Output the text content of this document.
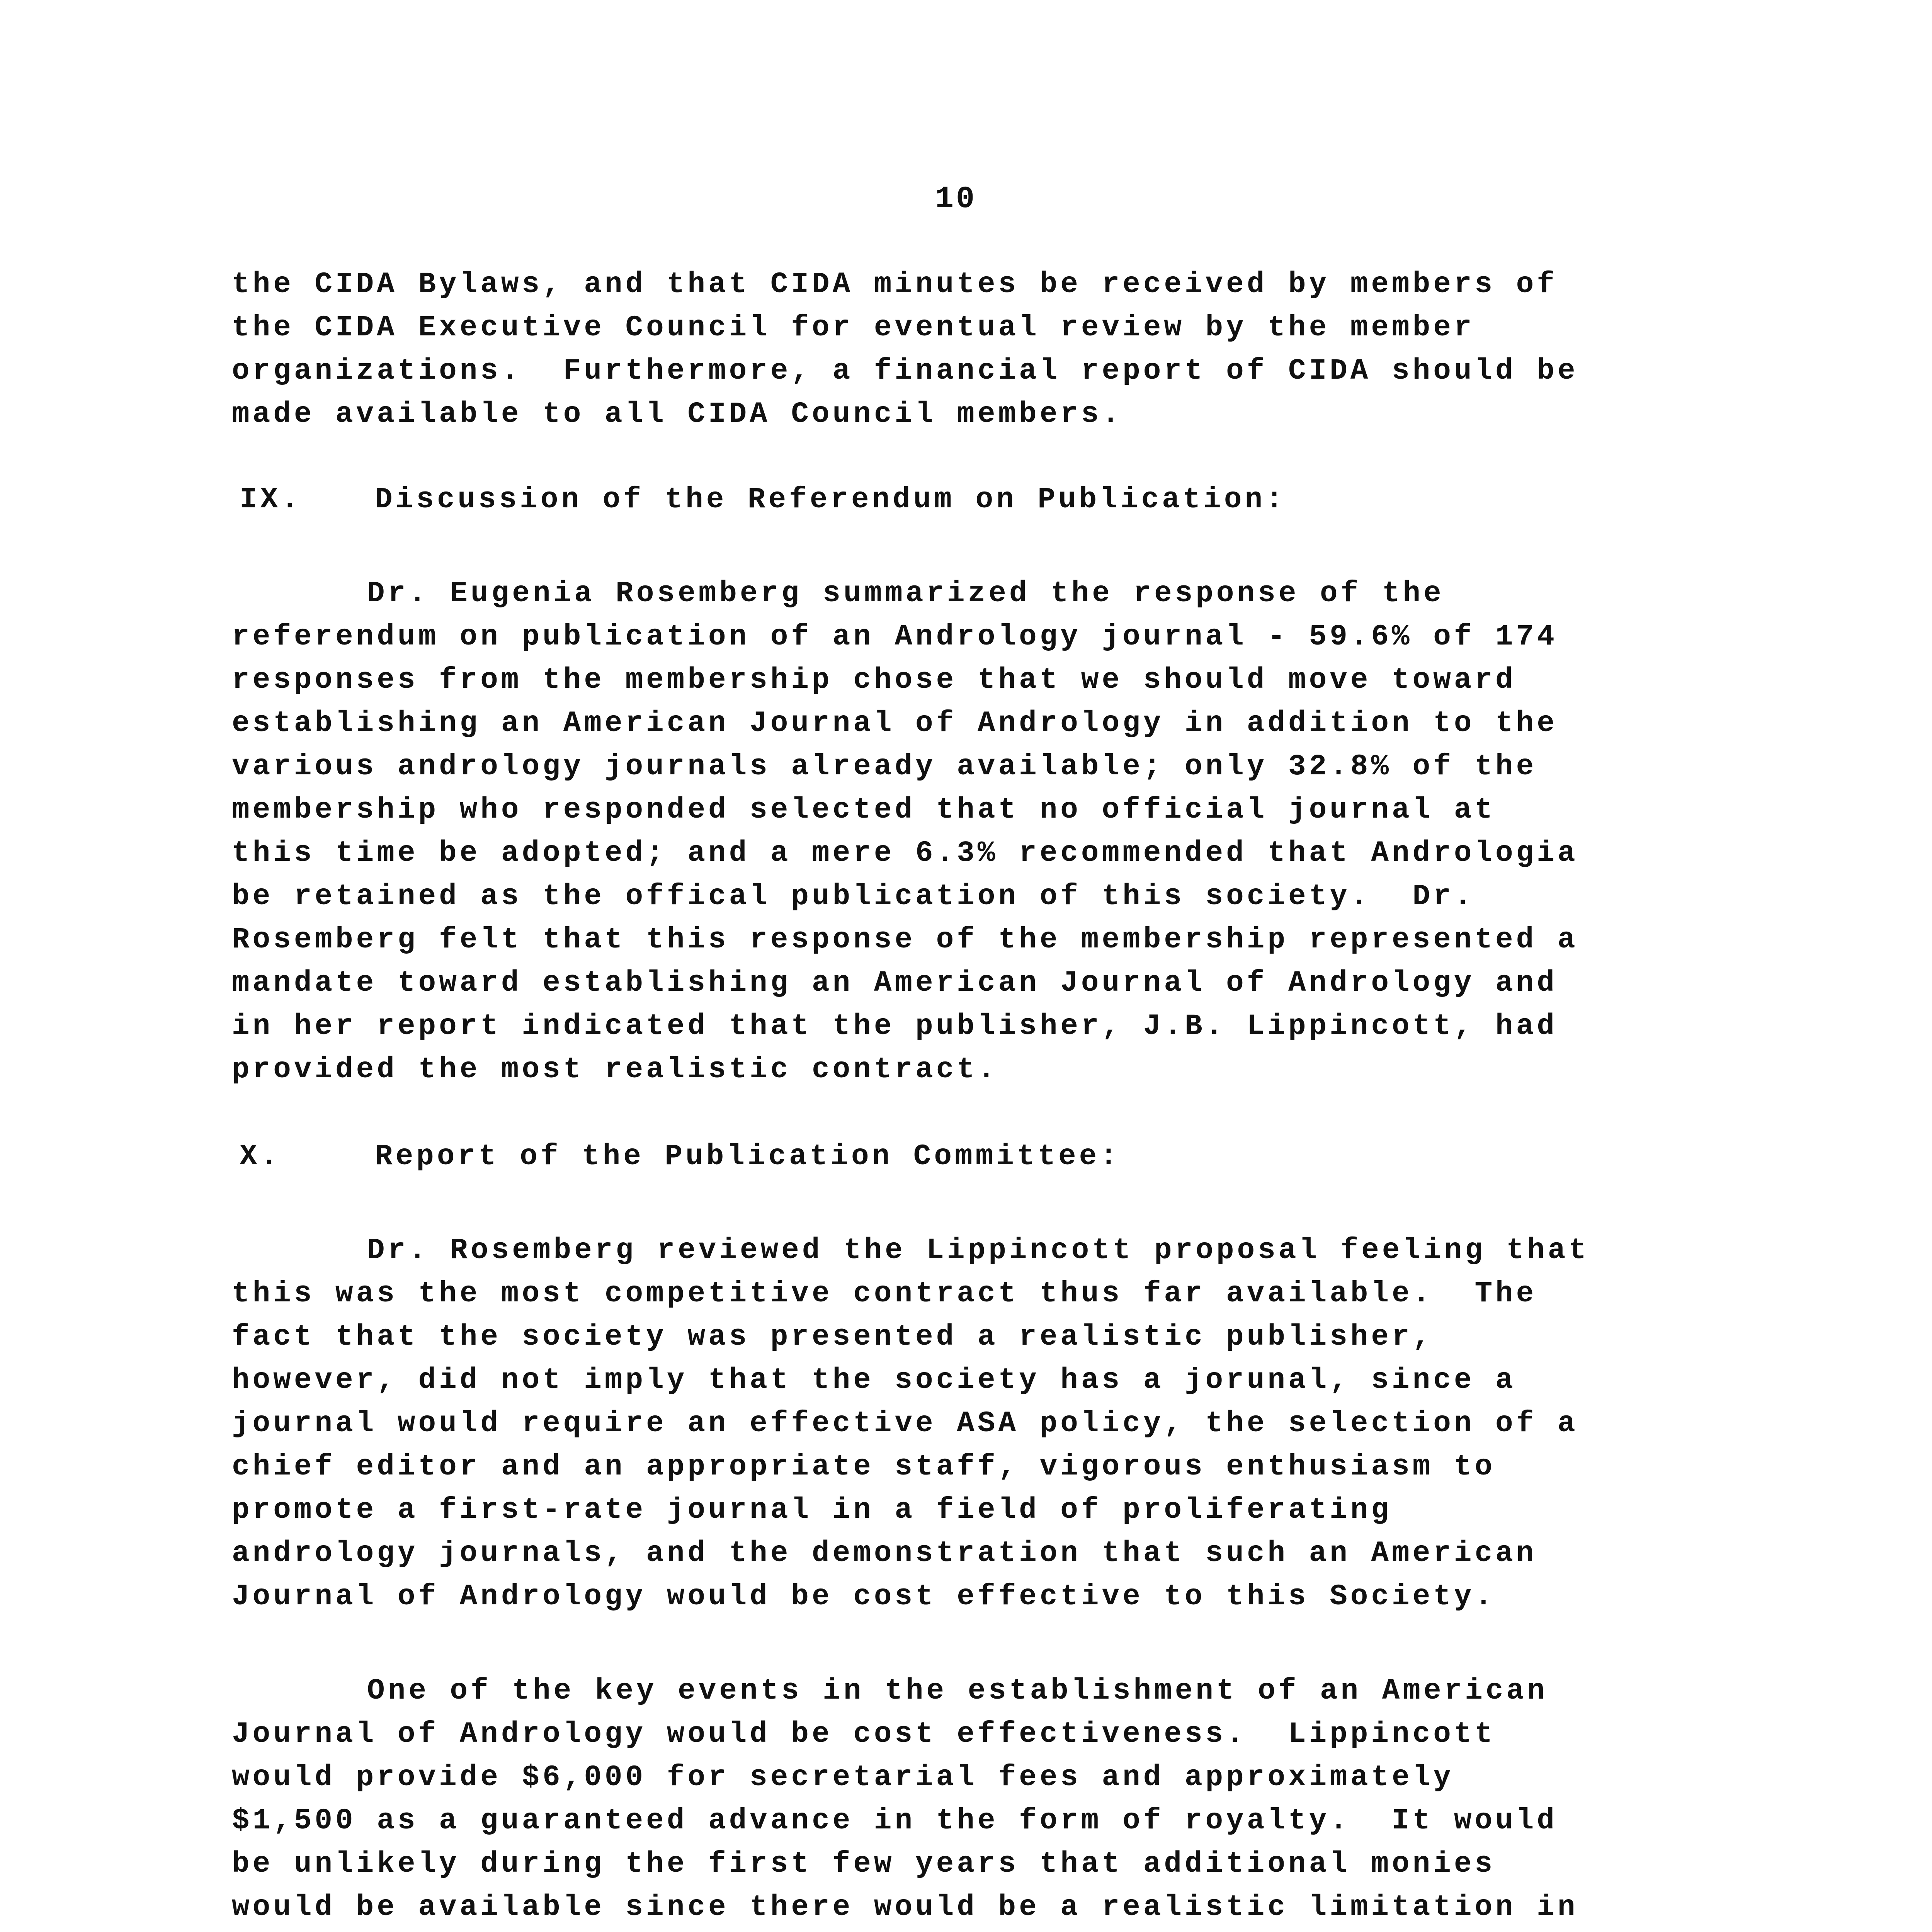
10
the CIDA Bylaws, and that CIDA minutes be received by members of
the CIDA Executive Council for eventual review by the member
organizations.  Furthermore, a financial report of CIDA should be
made available to all CIDA Council members.
IX. Discussion of the Referendum on Publication:
Dr. Eugenia Rosemberg summarized the response of the
referendum on publication of an Andrology journal - 59.6% of 174
responses from the membership chose that we should move toward
establishing an American Journal of Andrology in addition to the
various andrology journals already available; only 32.8% of the
membership who responded selected that no official journal at
this time be adopted; and a mere 6.3% recommended that Andrologia
be retained as the offical publication of this society.  Dr.
Rosemberg felt that this response of the membership represented a
mandate toward establishing an American Journal of Andrology and
in her report indicated that the publisher, J.B. Lippincott, had
provided the most realistic contract.
X.	Report of the Publication Committee:
Dr. Rosemberg reviewed the Lippincott proposal feeling that
this was the most competitive contract thus far available.  The
fact that the society was presented a realistic publisher,
however, did not imply that the society has a jorunal, since a
journal would require an effective ASA policy, the selection of a
chief editor and an appropriate staff, vigorous enthusiasm to
promote a first-rate journal in a field of proliferating
andrology journals, and the demonstration that such an American
Journal of Andrology would be cost effective to this Society.
One of the key events in the establishment of an American
Journal of Andrology would be cost effectiveness.  Lippincott
would provide $6,000 for secretarial fees and approximately
$1,500 as a guaranteed advance in the form of royalty.  It would
be unlikely during the first few years that additional monies
would be available since there would be a realistic limitation in
